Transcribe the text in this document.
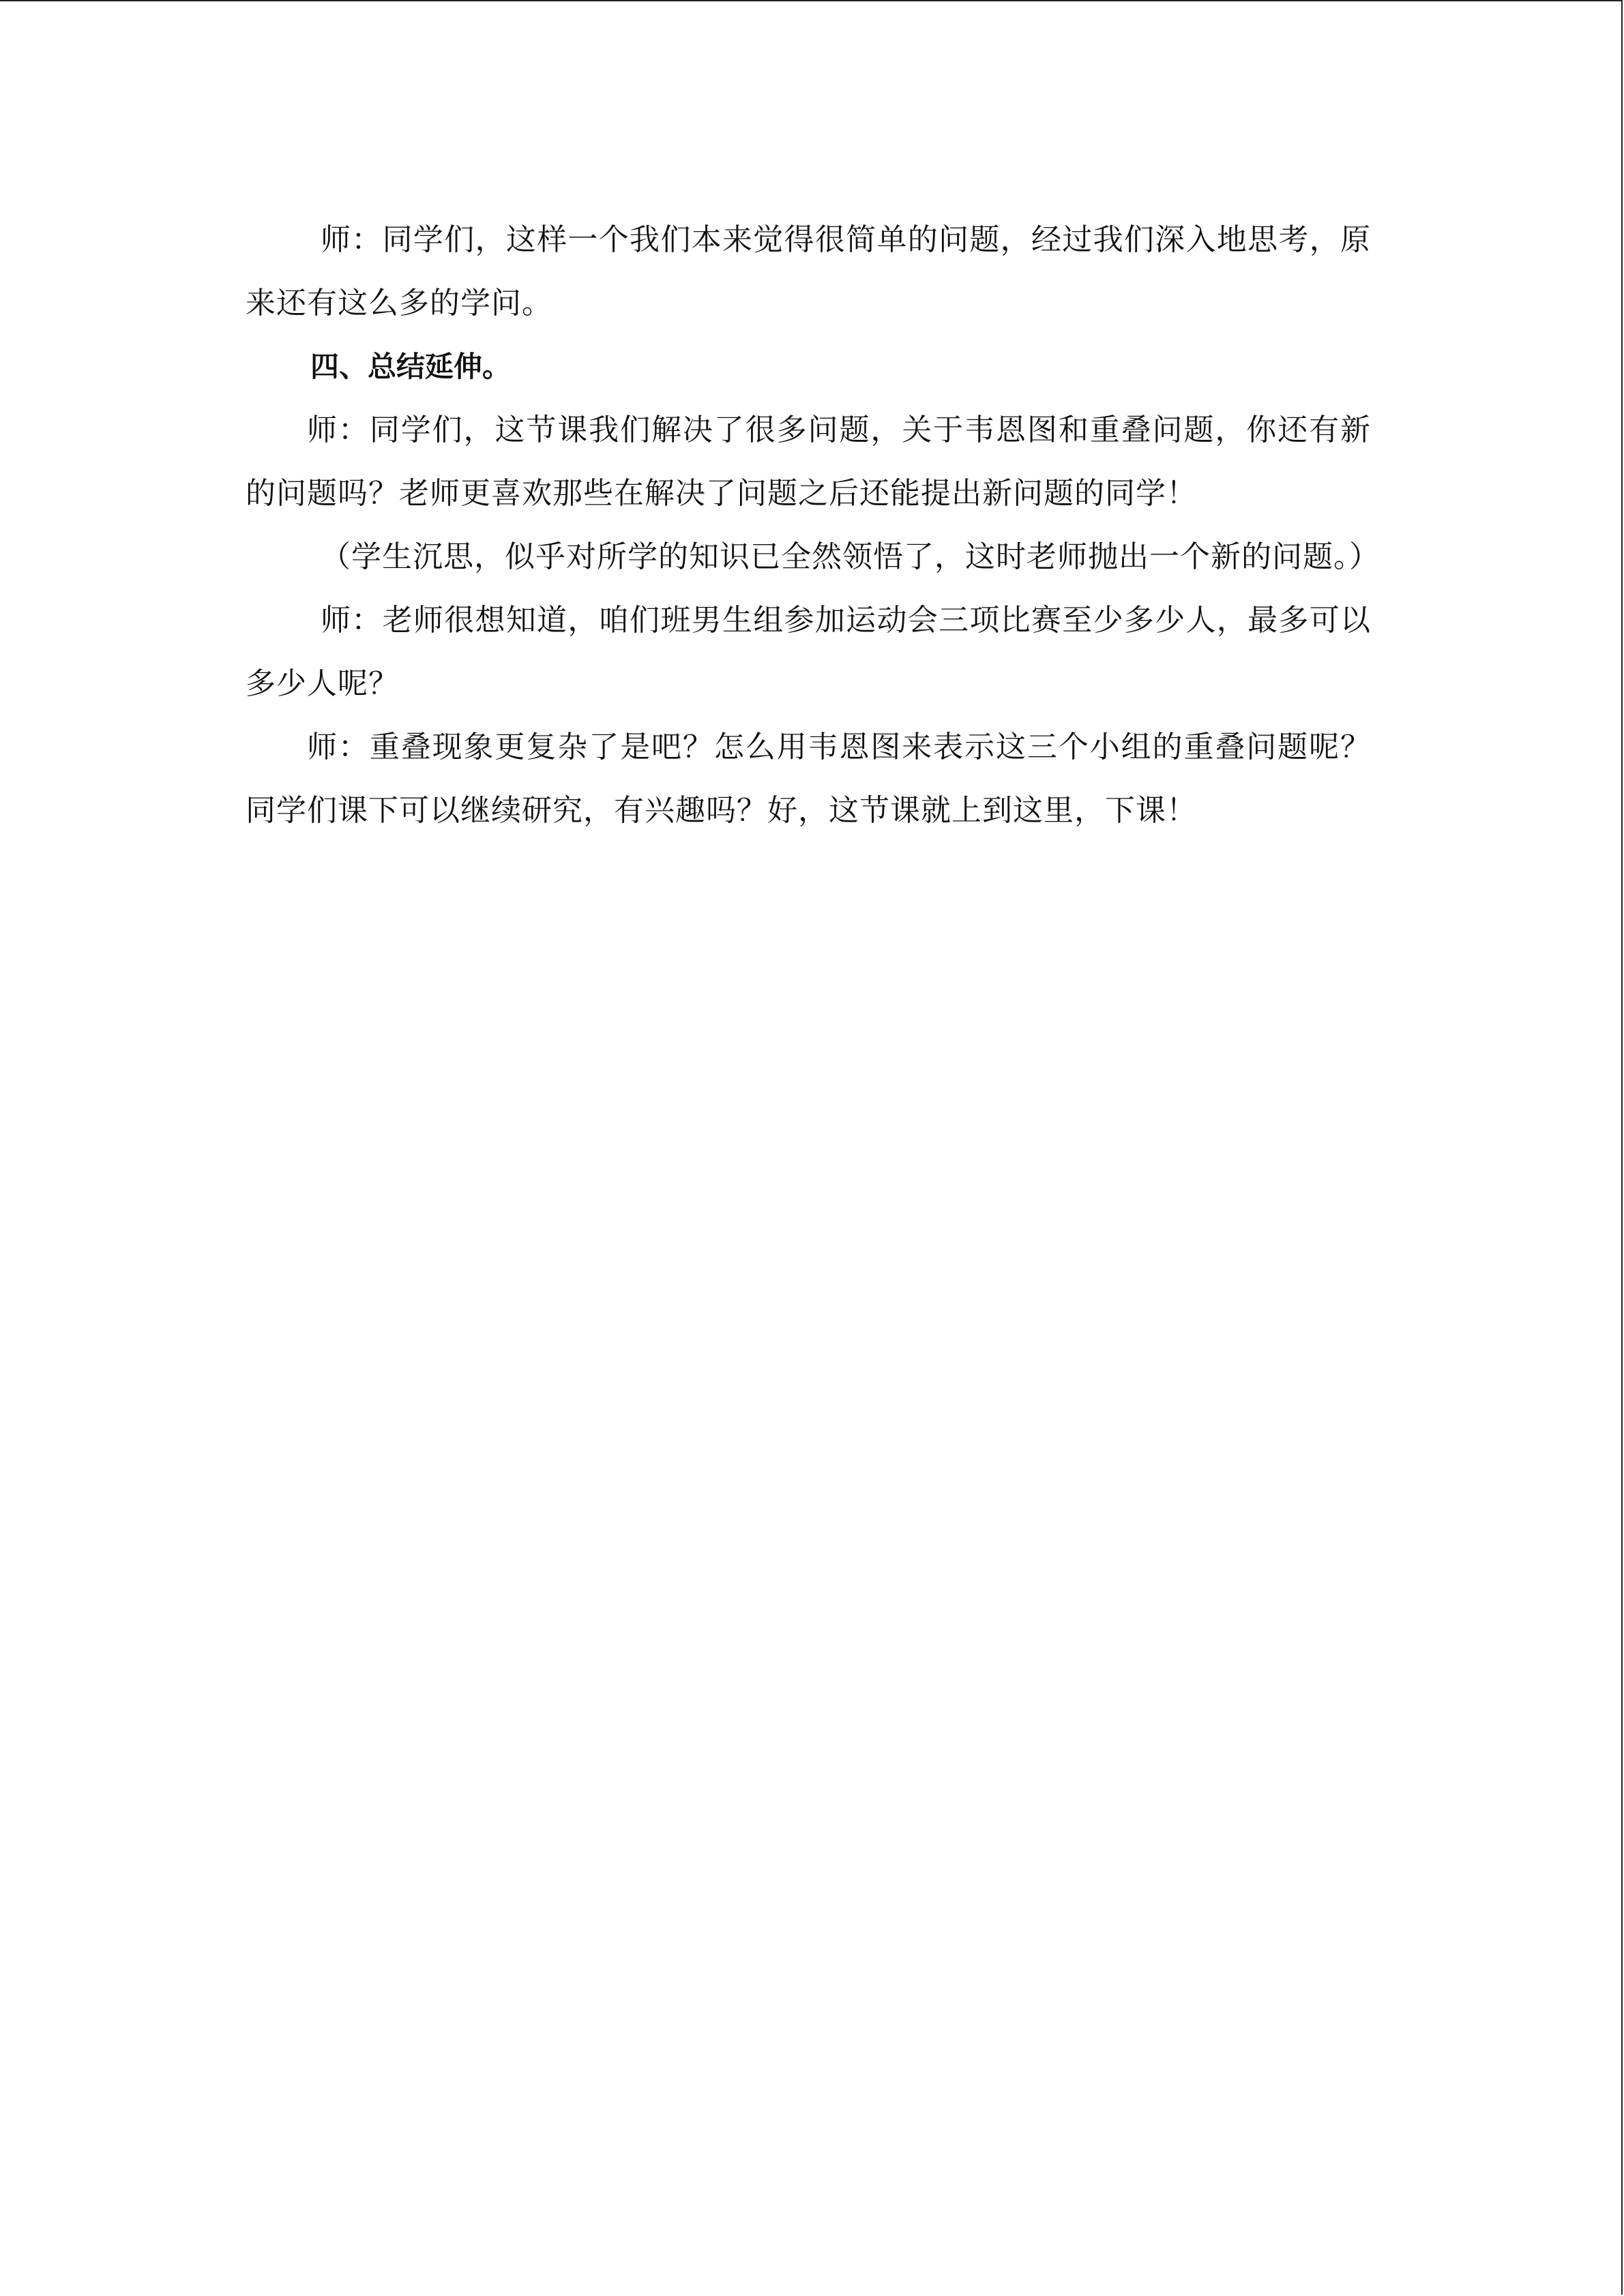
师：同学们，这样一个我们本来觉得很简单的问题，经过我们深入地思考，原来还有这么多的学问。

四、总结延伸。

师：同学们，这节课我们解决了很多问题，关于韦恩图和重叠问题，你还有新的问题吗？老师更喜欢那些在解决了问题之后还能提出新问题的同学！

（学生沉思，似乎对所学的知识已全然领悟了，这时老师抛出一个新的问题。）

师：老师很想知道，咱们班男生组参加运动会三项比赛至少多少人，最多可以多少人呢？

师：重叠现象更复杂了是吧？怎么用韦恩图来表示这三个小组的重叠问题呢？同学们课下可以继续研究，有兴趣吗？好，这节课就上到这里，下课！
